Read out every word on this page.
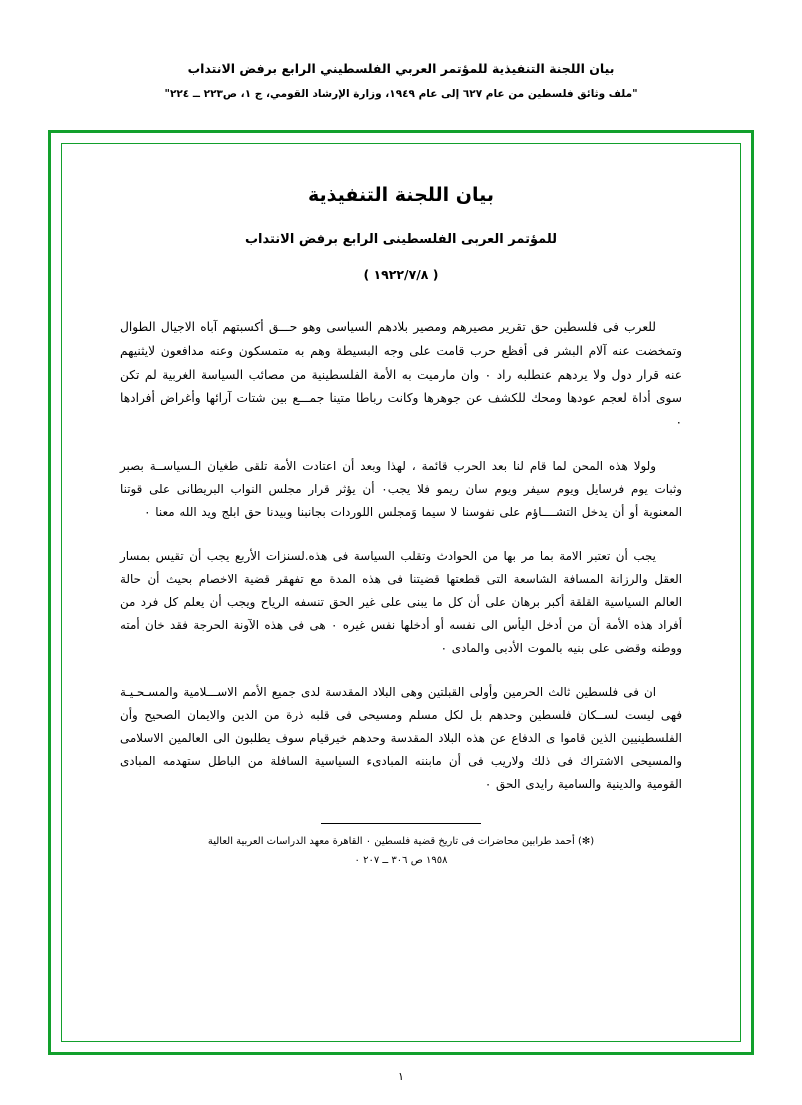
بيان اللجنة التنفيذية للمؤتمر العربي الفلسطيني الرابع برفض الانتداب
"ملف وثائق فلسطين من عام ٦٢٧ إلى عام ١٩٤٩، وزارة الإرشاد القومي، ج ١، ص٢٢٣ ــ ٢٢٤"
بيان اللجنة التنفيذية
للمؤتمر العربى الفلسطينى الرابع برفض الانتداب
( ١٩٢٢/٧/٨ )

للعرب فى فلسطين حق تقرير مصيرهم ومصير بلادهم السياسى وهو حـــق أكسبتهم آباه الاجيال الطوال وتمخضت عنه آلام البشر فى أفظع حرب قامت على وجه البسيطة وهم به متمسكون وعنه مدافعون لايثنيهم عنه قرار دول ولا يردهم عنطلبه راد ٠ وان مارميت به الأمة الفلسطينية من مصائب السياسة الغربية لم تكن سوى أداة لعجم عودها ومحك للكشف عن جوهرها وكانت رباطا متينا جمـــع بين شتات آرائها وأغراض أفرادها ٠

ولولا هذه المحن لما قام لنا بعد الحرب قائمة ، لهذا وبعد أن اعتادت الأمة تلقى طغيان الـسياســة بصبر وثبات يوم فرسايل ويوم سيفر ويوم سان ريمو فلا يجب٠ أن يؤثر قرار مجلس النواب البريطانى على قوتنا المعنوية أو أن يدخل التشــــاؤم على نفوسنا لا سيما وَمجلس اللوردات بجانبنا وبيدنا حق ابلج ويد الله معنا ٠

يجب أن تعتبر الامة بما مر بها من الحوادث وتقلب السياسة فى هذه.لسنزات الأربع يجب أن تقيس بمسار العقل والرزانة المسافة الشاسعة التى قطعتها قضيتنا فى هذه المدة مع تفهقر قضية الاخصام بحيث أن حالة العالم السياسية القلقة أكبر برهان على أن كل ما يبنى على غير الحق تنسفه الرياح ويجب أن يعلم كل فرد من أفراد هذه الأمة أن من أدخل اليأس الى نفسه أو أدخلها نفس غيره ٠ هى فى هذه الآونة الحرجة فقد خان أمته ووطنه وقضى على بنيه بالموت الأدبى والمادى ٠

ان فى فلسطين ثالث الحرمين وأولى القبلتين وهى البلاد المقدسة لدى جميع الأمم الاســـلامية والمسـحـيـة فهى ليست لســكان فلسطين وحدهم بل لكل مسلم ومسيحى فى قلبه ذرة من الدين والايمان الصحيح وأن الفلسطينيين الذين قاموا ى الدفاع عن هذه البلاد المقدسة وحدهم خيرقيام سوف يطلبون الى العالمين الاسلامى والمسيحى الاشتراك فى ذلك ولاريب فى أن مابننه المبادىء السياسية السافلة من الباطل ستهدمه المبادى القومية والدينية والسامية رايدى الحق ٠

(✻) أحمد طرابين محاضرات فى تاريخ قضية فلسطين ٠ القاهرة معهد الدراسات العربية العالية
١٩٥٨ ص ٣٠٦ ــ ٢٠٧ ٠
١
